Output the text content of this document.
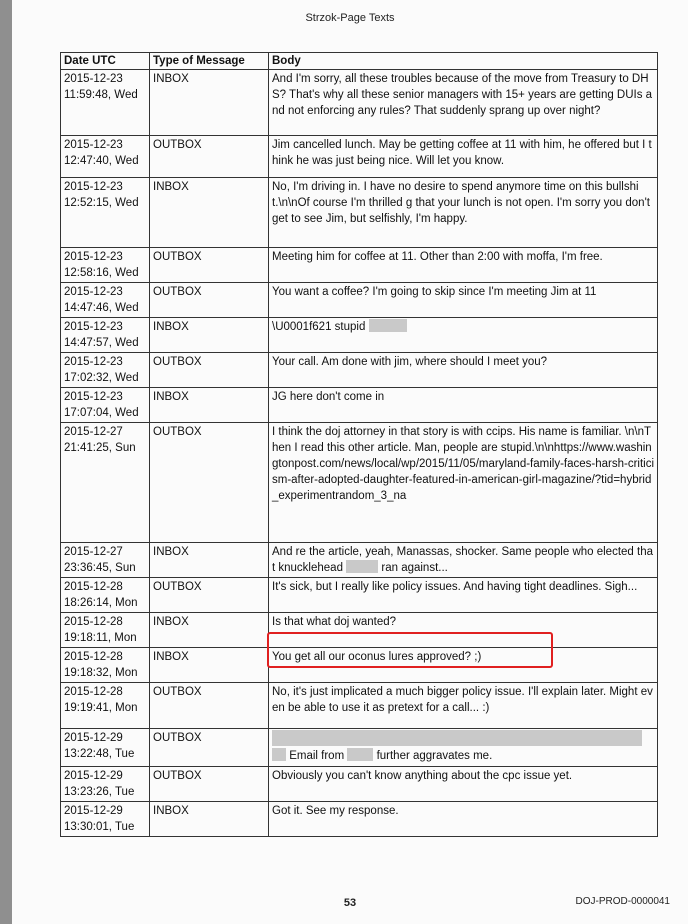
Strzok-Page Texts
Date UTC	Type of Message	Body
2015-12-23
11:59:48, Wed	INBOX	And I'm sorry, all these troubles because of the move from Treasury to DHS? That's why all these senior managers with 15+ years are getting DUIs and not enforcing any rules? That suddenly sprang up over night?
2015-12-23
12:47:40, Wed	OUTBOX	Jim cancelled lunch. May be getting coffee at 11 with him, he offered but I think he was just being nice. Will let you know.
2015-12-23
12:52:15, Wed	INBOX	No, I'm driving in. I have no desire to spend anymore time on this bullshit.\n\nOf course I'm thrilled g that your lunch is not open. I'm sorry you don't get to see Jim, but selfishly, I'm happy.
2015-12-23
12:58:16, Wed	OUTBOX	Meeting him for coffee at 11. Other than 2:00 with moffa, I'm free.
2015-12-23
14:47:46, Wed	OUTBOX	You want a coffee? I'm going to skip since I'm meeting Jim at 11
2015-12-23
14:47:57, Wed	INBOX	\U0001f621 stupid
2015-12-23
17:02:32, Wed	OUTBOX	Your call. Am done with jim, where should I meet you?
2015-12-23
17:07:04, Wed	INBOX	JG here don't come in
2015-12-27
21:41:25, Sun	OUTBOX	I think the doj attorney in that story is with ccips. His name is familiar. \n\nThen I read this other article. Man, people are stupid.\n\nhttps://www.washingtonpost.com/news/local/wp/2015/11/05/maryland-family-faces-harsh-criticism-after-adopted-daughter-featured-in-american-girl-magazine/?tid=hybrid_experimentrandom_3_na
2015-12-27
23:36:45, Sun	INBOX	And re the article, yeah, Manassas, shocker. Same people who elected that knucklehead ran against...
2015-12-28
18:26:14, Mon	OUTBOX	It's sick, but I really like policy issues. And having tight deadlines. Sigh...
2015-12-28
19:18:11, Mon	INBOX	Is that what doj wanted?
2015-12-28
19:18:32, Mon	INBOX	You get all our oconus lures approved? ;)
2015-12-28
19:19:41, Mon	OUTBOX	No, it's just implicated a much bigger policy issue. I'll explain later. Might even be able to use it as pretext for a call... :)
2015-12-29
13:22:48, Tue	OUTBOX	Email from further aggravates me.
2015-12-29
13:23:26, Tue	OUTBOX	Obviously you can't know anything about the cpc issue yet.
2015-12-29
13:30:01, Tue	INBOX	Got it. See my response.
53	DOJ-PROD-0000041
